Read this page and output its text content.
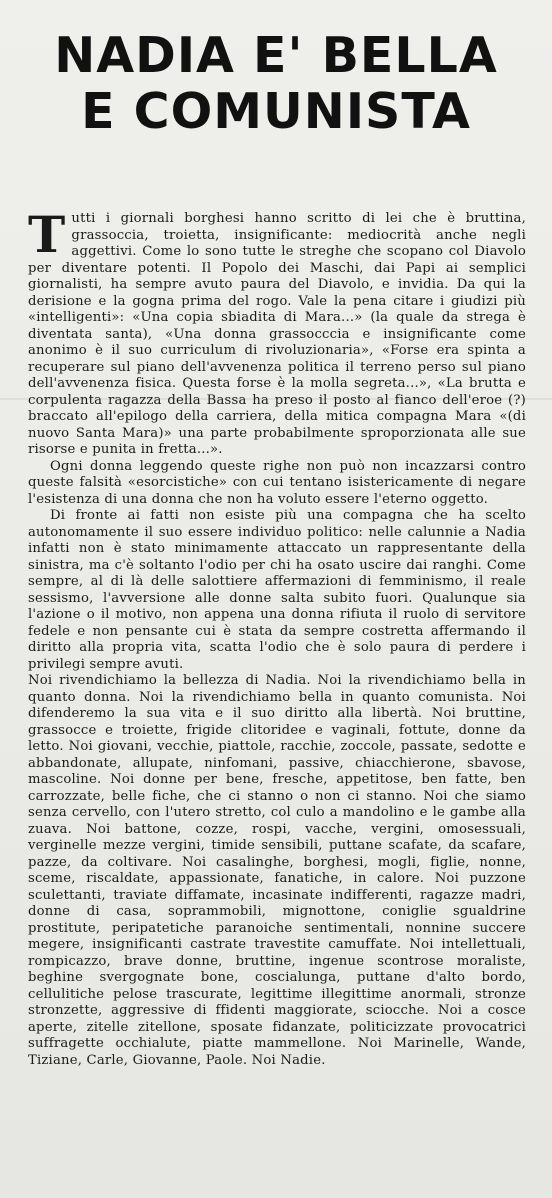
NADIA E' BELLA
E COMUNISTA

Tutti i giornali borghesi hanno scritto di lei che è bruttina, grassoccia, troietta, insignificante: mediocrità anche negli aggettivi. Come lo sono tutte le streghe che scopano col Diavolo per diventare potenti. Il Popolo dei Maschi, dai Papi ai semplici giornalisti, ha sempre avuto paura del Diavolo, e invidia. Da qui la derisione e la gogna prima del rogo. Vale la pena citare i giudizi più «intelligenti»: «Una copia sbiadita di Mara...» (la quale da strega è diventata santa), «Una donna grassocccia e insignificante come anonimo è il suo curriculum di rivoluzionaria», «Forse era spinta a recuperare sul piano dell'avvenenza politica il terreno perso sul piano dell'avvenenza fisica. Questa forse è la molla segreta...», «La brutta e corpulenta ragazza della Bassa ha preso il posto al fianco dell'eroe (?) braccato all'epilogo della carriera, della mitica compagna Mara «(di nuovo Santa Mara)» una parte probabilmente sproporzionata alle sue risorse e punita in fretta...».

Ogni donna leggendo queste righe non può non incazzarsi contro queste falsità «esorcistiche» con cui tentano isistericamente di negare l'esistenza di una donna che non ha voluto essere l'eterno oggetto.

Di fronte ai fatti non esiste più una compagna che ha scelto autonomamente il suo essere individuo politico: nelle calunnie a Nadia infatti non è stato minimamente attaccato un rappresentante della sinistra, ma c'è soltanto l'odio per chi ha osato uscire dai ranghi. Come sempre, al di là delle salottiere affermazioni di femminismo, il reale sessismo, l'avversione alle donne salta subito fuori. Qualunque sia l'azione o il motivo, non appena una donna rifiuta il ruolo di servitore fedele e non pensante cui è stata da sempre costretta affermando il diritto alla propria vita, scatta l'odio che è solo paura di perdere i privilegi sempre avuti.

Noi rivendichiamo la bellezza di Nadia. Noi la rivendichiamo bella in quanto donna. Noi la rivendichiamo bella in quanto comunista. Noi difenderemo la sua vita e il suo diritto alla libertà. Noi bruttine, grassocce e troiette, frigide clitoridee e vaginali, fottute, donne da letto. Noi giovani, vecchie, piattole, racchie, zoccole, passate, sedotte e abbandonate, allupate, ninfomani, passive, chiacchierone, sbavose, mascoline. Noi donne per bene, fresche, appetitose, ben fatte, ben carrozzate, belle fiche, che ci stanno o non ci stanno. Noi che siamo senza cervello, con l'utero stretto, col culo a mandolino e le gambe alla zuava. Noi battone, cozze, rospi, vacche, vergini, omosessuali, verginelle mezze vergini, timide sensibili, puttane scafate, da scafare, pazze, da coltivare. Noi casalinghe, borghesi, mogli, figlie, nonne, sceme, riscaldate, appassionate, fanatiche, in calore. Noi puzzone sculettanti, traviate diffamate, incasinate indifferenti, ragazze madri, donne di casa, soprammobili, mignottone, coniglie sgualdrine prostitute, peripatetiche paranoiche sentimentali, nonnine succere megere, insignificanti castrate travestite camuffate. Noi intellettuali, rompicazzo, brave donne, bruttine, ingenue scontrose moraliste, beghine svergognate bone, coscialunga, puttane d'alto bordo, cellulitiche pelose trascurate, legittime illegittime anormali, stronze stronzette, aggressive di ffidenti maggiorate, sciocche. Noi a cosce aperte, zitelle zitellone, sposate fidanzate, politicizzate provocatrici suffragette occhialute, piatte mammellone. Noi Marinelle, Wande, Tiziane, Carle, Giovanne, Paole. Noi Nadie.
